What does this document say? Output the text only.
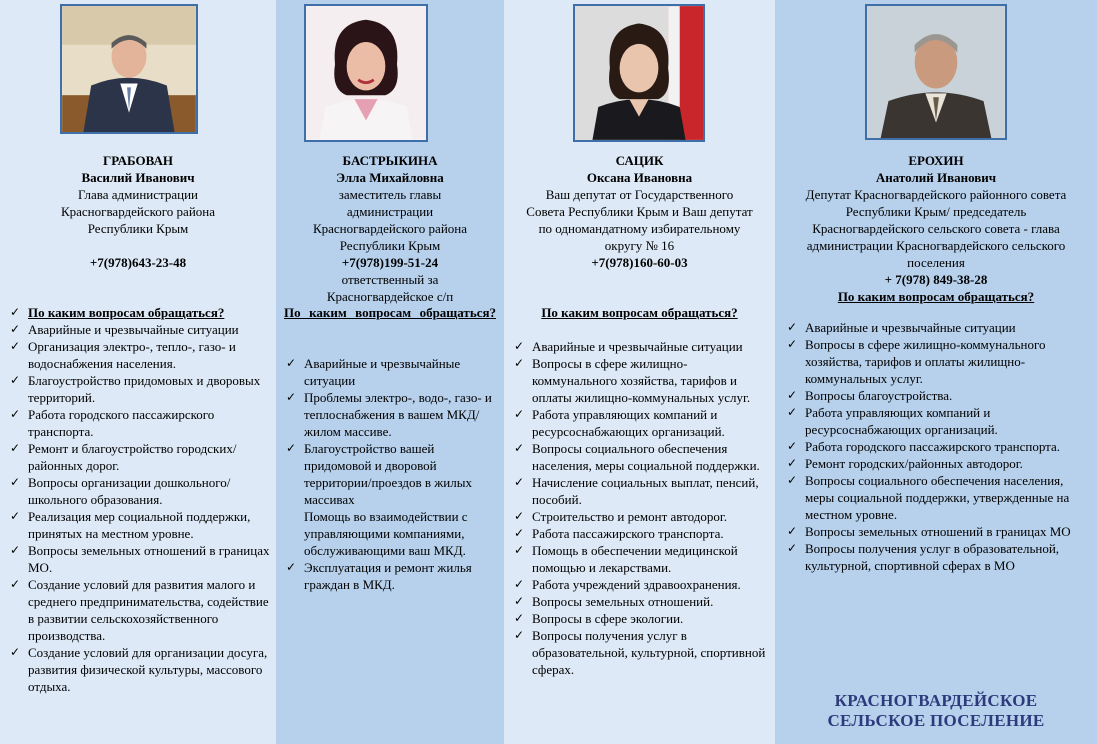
ГРАБОВАН
Василий Иванович
Глава администрации
Красногвардейского района
Республики Крым
+7(978)643-23-48
✓ По каким вопросам обращаться?
✓ Аварийные и чрезвычайные ситуации
✓ Организация электро-, тепло-, газо- и водоснабжения населения.
✓ Благоустройство придомовых и дворовых территорий.
✓ Работа городского пассажирского транспорта.
✓ Ремонт и благоустройство городских/районных дорог.
✓ Вопросы организации дошкольного/школьного образования.
✓ Реализация мер социальной поддержки, принятых на местном уровне.
✓ Вопросы земельных отношений в границах МО.
✓ Создание условий для развития малого и среднего предпринимательства, содействие в развитии сельскохозяйственного производства.
✓ Создание условий для организации досуга, развития физической культуры, массового отдыха.
БАСТРЫКИНА
Элла Михайловна
заместитель главы
администрации
Красногвардейского района
Республики Крым
+7(978)199-51-24
ответственный за
Красногвардейское с/п
По каким вопросам обращаться?
✓ Аварийные и чрезвычайные ситуации
✓ Проблемы электро-, водо-, газо- и теплоснабжения в вашем МКД/жилом массиве.
✓ Благоустройство вашей придомовой и дворовой территории/проездов в жилых массивах
Помощь во взаимодействии с управляющими компаниями, обслуживающими ваш МКД.
✓ Эксплуатация и ремонт жилья граждан в МКД.
САЦИК
Оксана Ивановна
Ваш депутат от Государственного
Совета Республики Крым и Ваш депутат
по одномандатному избирательному
округу № 16
+7(978)160-60-03
По каким вопросам обращаться?
✓ Аварийные и чрезвычайные ситуации
✓ Вопросы в сфере жилищно-коммунального хозяйства, тарифов и оплаты жилищно-коммунальных услуг.
✓ Работа управляющих компаний и ресурсоснабжающих организаций.
✓ Вопросы социального обеспечения населения, меры социальной поддержки.
✓ Начисление социальных выплат, пенсий, пособий.
✓ Строительство и ремонт автодорог.
✓ Работа пассажирского транспорта.
✓ Помощь в обеспечении медицинской помощью и лекарствами.
✓ Работа учреждений здравоохранения.
✓ Вопросы земельных отношений.
✓ Вопросы в сфере экологии.
✓ Вопросы получения услуг в образовательной, культурной, спортивной сферах.
ЕРОХИН
Анатолий Иванович
Депутат Красногвардейского районного совета
Республики Крым/ председатель
Красногвардейского сельского совета - глава
администрации Красногвардейского сельского
поселения
+ 7(978) 849-38-28
По каким вопросам обращаться?
✓ Аварийные и чрезвычайные ситуации
✓ Вопросы в сфере жилищно-коммунального хозяйства, тарифов и оплаты жилищно-коммунальных услуг.
✓ Вопросы благоустройства.
✓ Работа управляющих компаний и ресурсоснабжающих организаций.
✓ Работа городского пассажирского транспорта.
✓ Ремонт городских/районных автодорог.
✓ Вопросы социального обеспечения населения, меры социальной поддержки, утвержденные на местном уровне.
✓ Вопросы земельных отношений в границах МО
✓ Вопросы получения услуг в образовательной, культурной, спортивной сферах в МО
КРАСНОГВАРДЕЙСКОЕ
СЕЛЬСКОЕ ПОСЕЛЕНИЕ
